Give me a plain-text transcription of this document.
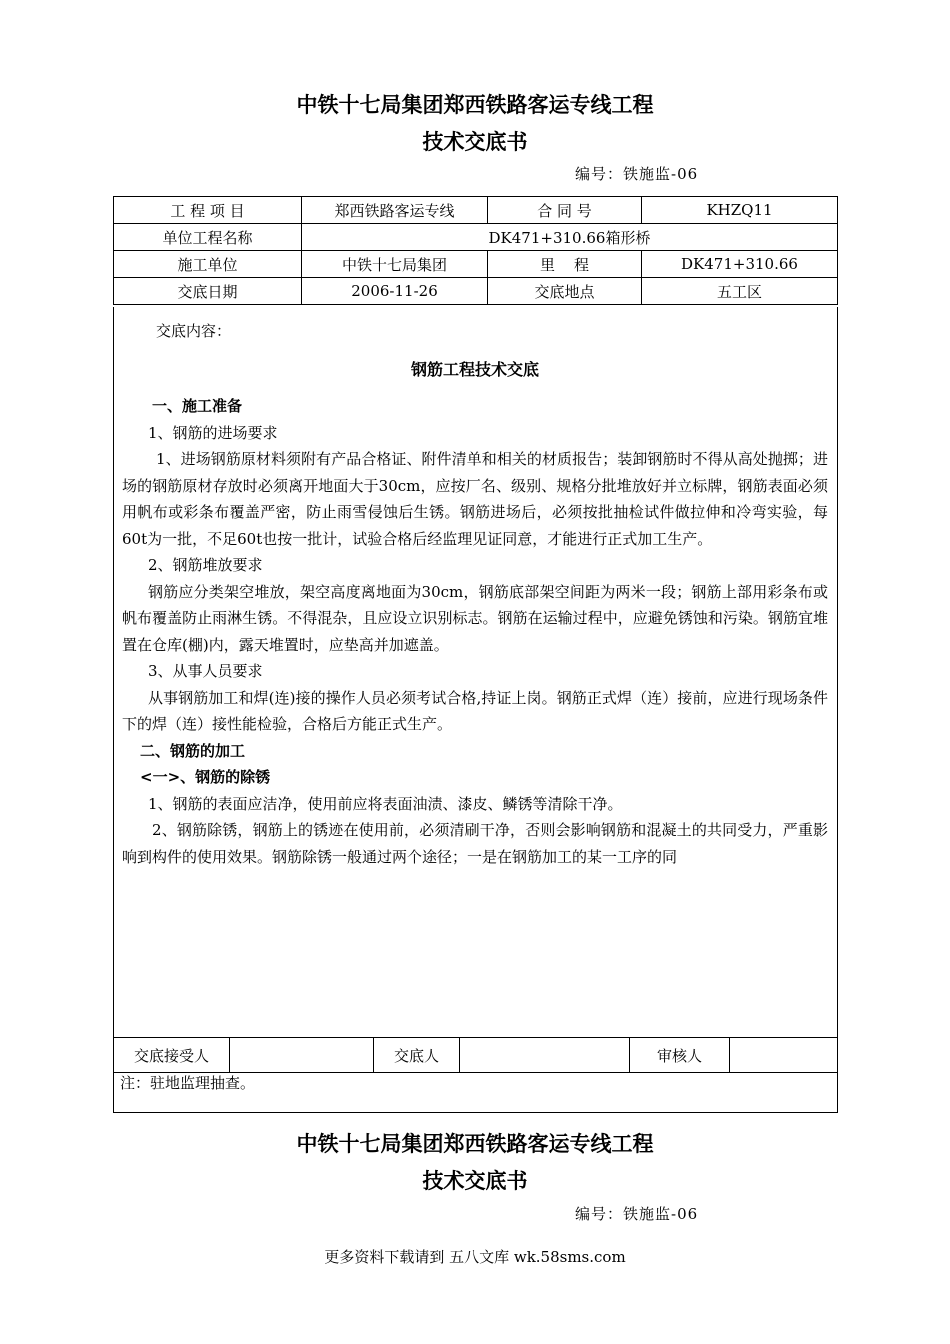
中铁十七局集团郑西铁路客运专线工程
技术交底书
编号：铁施监-06
工 程 项 目	郑西铁路客运专线	合 同 号	KHZQ11
单位工程名称	DK471+310.66箱形桥		
施工单位	中铁十七局集团	里    程	DK471+310.66
交底日期	2006-11-26	交底地点	五工区

交底内容：

钢筋工程技术交底

一、施工准备

1、钢筋的进场要求

1、进场钢筋原材料须附有产品合格证、附件清单和相关的材质报告；装卸钢筋时不得从高处抛掷；进场的钢筋原材存放时必须离开地面大于30cm，应按厂名、级别、规格分批堆放好并立标牌，钢筋表面必须用帆布或彩条布覆盖严密，防止雨雪侵蚀后生锈。钢筋进场后，必须按批抽检试件做拉伸和冷弯实验，每60t为一批，不足60t也按一批计，试验合格后经监理见证同意，才能进行正式加工生产。

2、钢筋堆放要求

钢筋应分类架空堆放，架空高度离地面为30cm，钢筋底部架空间距为两米一段；钢筋上部用彩条布或帆布覆盖防止雨淋生锈。不得混杂，且应设立识别标志。钢筋在运输过程中，应避免锈蚀和污染。钢筋宜堆置在仓库(棚)内，露天堆置时，应垫高并加遮盖。

3、从事人员要求

从事钢筋加工和焊(连)接的操作人员必须考试合格,持证上岗。钢筋正式焊（连）接前，应进行现场条件下的焊（连）接性能检验，合格后方能正式生产。

二、钢筋的加工

<一>、钢筋的除锈

1、钢筋的表面应洁净，使用前应将表面油渍、漆皮、鳞锈等清除干净。

2、钢筋除锈，钢筋上的锈迹在使用前，必须清刷干净，否则会影响钢筋和混凝土的共同受力，严重影响到构件的使用效果。钢筋除锈一般通过两个途径；一是在钢筋加工的某一工序的同

交底接受人		交底人		审核人	
注：驻地监理抽查。
中铁十七局集团郑西铁路客运专线工程
技术交底书
编号：铁施监-06
更多资料下载请到 五八文库 wk.58sms.com
